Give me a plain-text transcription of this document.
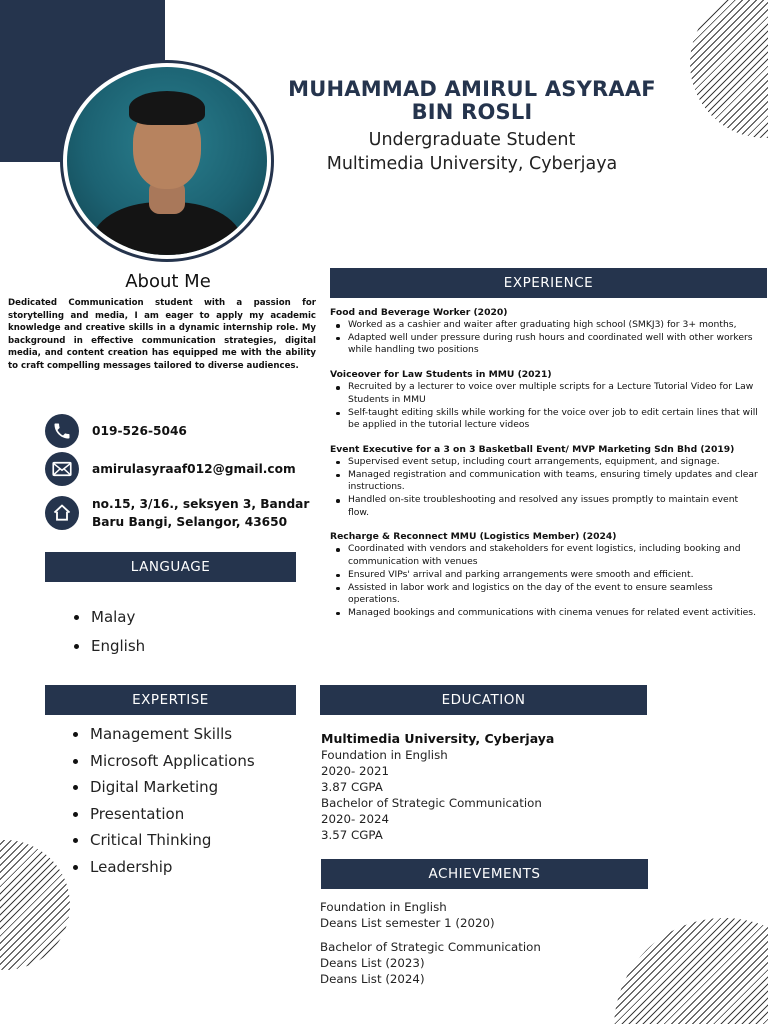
MUHAMMAD AMIRUL ASYRAAF
BIN ROSLI
Undergraduate Student
Multimedia University, Cyberjaya
About Me
Dedicated Communication student with a passion for storytelling and media, I am eager to apply my academic knowledge and creative skills in a dynamic internship role. My background in effective communication strategies, digital media, and content creation has equipped me with the ability to craft compelling messages tailored to diverse audiences.
019-526-5046
amirulasyraaf012@gmail.com
no.15, 3/16., seksyen 3, Bandar
Baru Bangi, Selangor, 43650
LANGUAGE
Malay
English
EXPERTISE
Management Skills
Microsoft Applications
Digital Marketing
Presentation
Critical Thinking
Leadership
EXPERIENCE
Food and Beverage Worker (2020)
Worked as a cashier and waiter after graduating high school (SMKJ3) for 3+ months,
Adapted well under pressure during rush hours and coordinated well with other workers while handling two positions
Voiceover for Law Students in MMU (2021)
Recruited by a lecturer to voice over multiple scripts for a Lecture Tutorial Video for Law Students in MMU
Self-taught editing skills while working for the voice over job to edit certain lines that will be applied in the tutorial lecture videos
Event Executive for a 3 on 3 Basketball Event/ MVP Marketing Sdn Bhd (2019)
Supervised event setup, including court arrangements, equipment, and signage.
Managed registration and communication with teams, ensuring timely updates and clear instructions.
Handled on-site troubleshooting and resolved any issues promptly to maintain event flow.
Recharge & Reconnect MMU (Logistics Member) (2024)
Coordinated with vendors and stakeholders for event logistics, including booking and communication with venues
Ensured VIPs' arrival and parking arrangements were smooth and efficient.
Assisted in labor work and logistics on the day of the event to ensure seamless operations.
Managed bookings and communications with cinema venues for related event activities.
EDUCATION
Multimedia University, Cyberjaya
Foundation in English
2020- 2021
3.87 CGPA
Bachelor of Strategic Communication
2020- 2024
3.57 CGPA
ACHIEVEMENTS
Foundation in English
Deans List semester 1 (2020)
Bachelor of Strategic Communication
Deans List (2023)
Deans List (2024)
